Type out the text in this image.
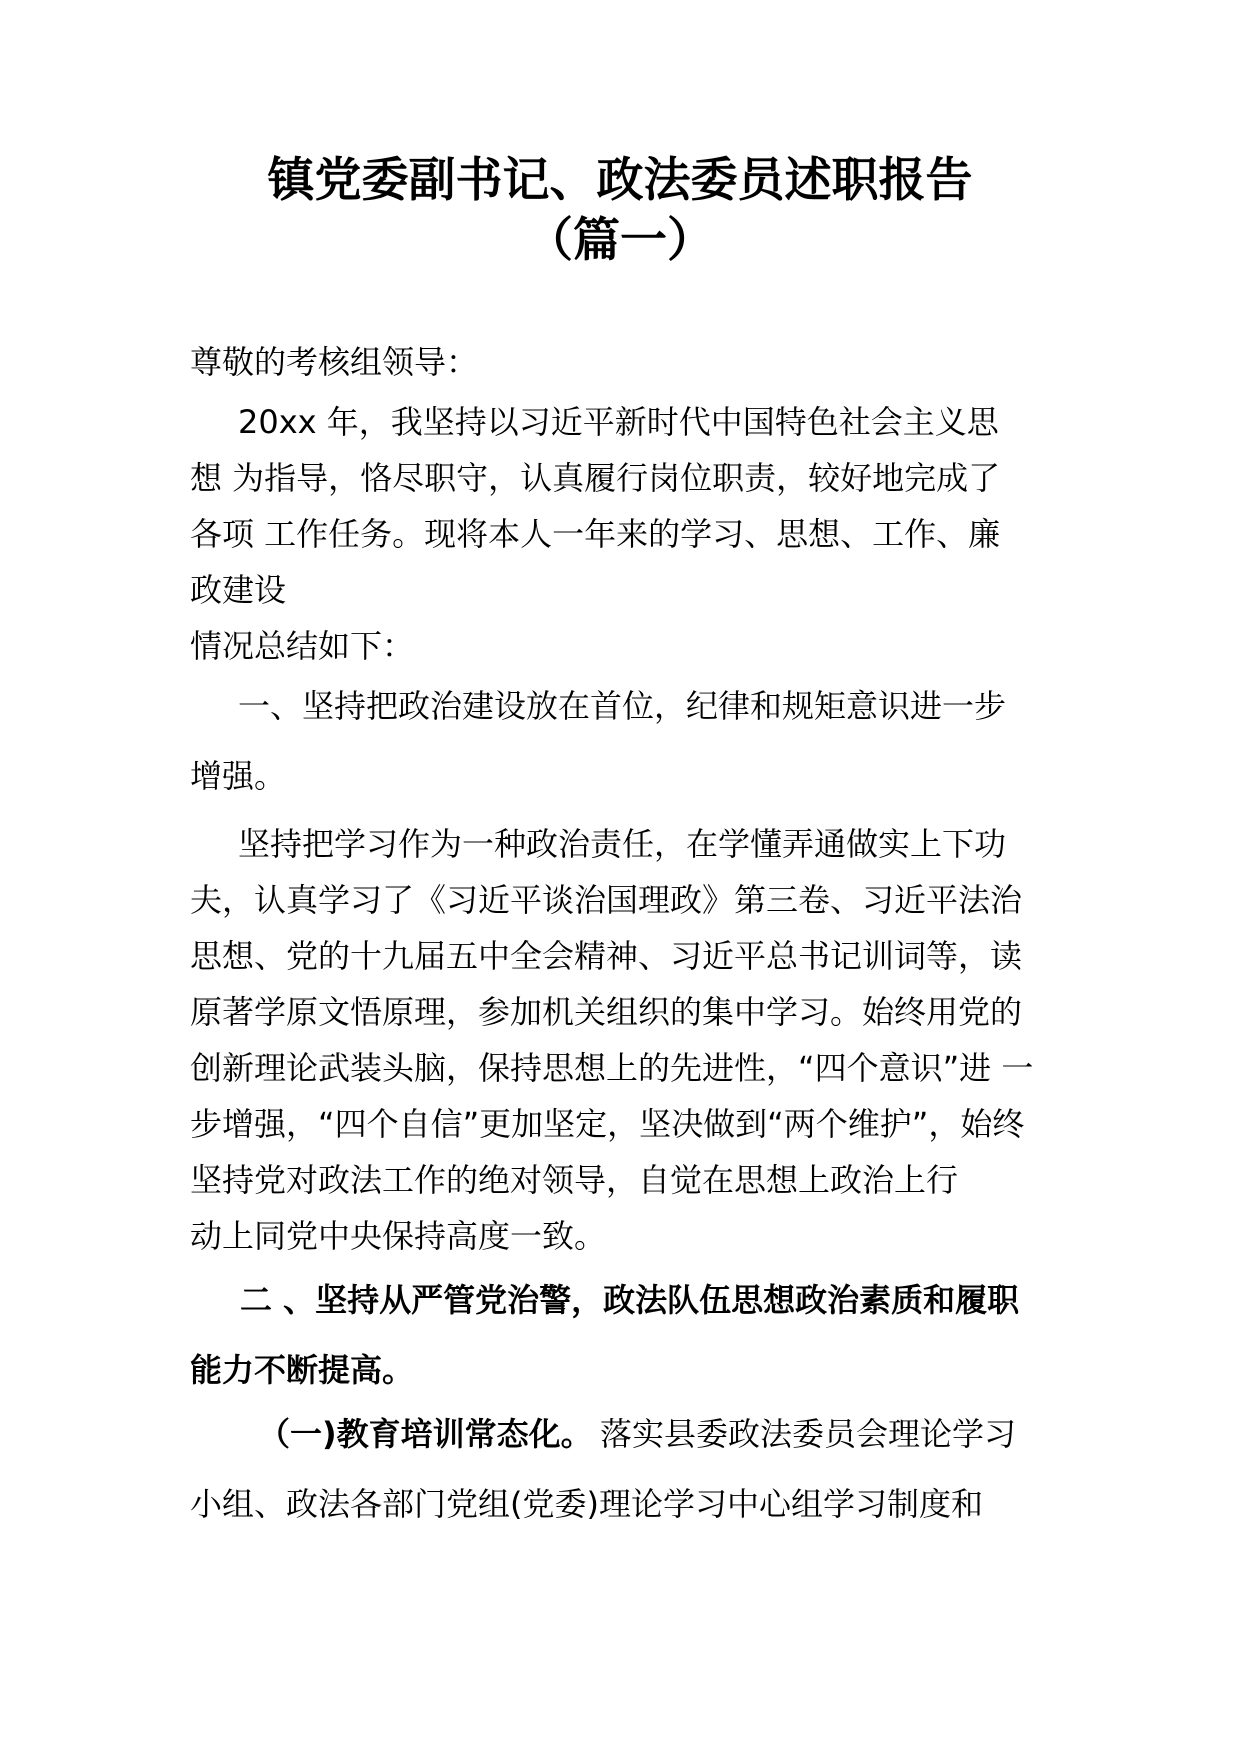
镇党委副书记、政法委员述职报告
（篇一）
尊敬的考核组领导：
20xx 年，我坚持以习近平新时代中国特色社会主义思
想 为指导，恪尽职守，认真履行岗位职责，较好地完成了
各项 工作任务。现将本人一年来的学习、思想、工作、廉
政建设
情况总结如下：
一、坚持把政治建设放在首位，纪律和规矩意识进一步
增强。
坚持把学习作为一种政治责任，在学懂弄通做实上下功
夫，认真学习了《习近平谈治国理政》第三卷、习近平法治
思想、党的十九届五中全会精神、习近平总书记训词等，读
原著学原文悟原理，参加机关组织的集中学习。始终用党的
创新理论武装头脑，保持思想上的先进性，“四个意识”进 一
步增强，“四个自信”更加坚定，坚决做到“两个维护”，始终
坚持党对政法工作的绝对领导，自觉在思想上政治上行
动上同党中央保持高度一致。
二 、坚持从严管党治警，政法队伍思想政治素质和履职
能力不断提高。
（一)教育培训常态化。 落实县委政法委员会理论学习
小组、政法各部门党组(党委)理论学习中心组学习制度和
